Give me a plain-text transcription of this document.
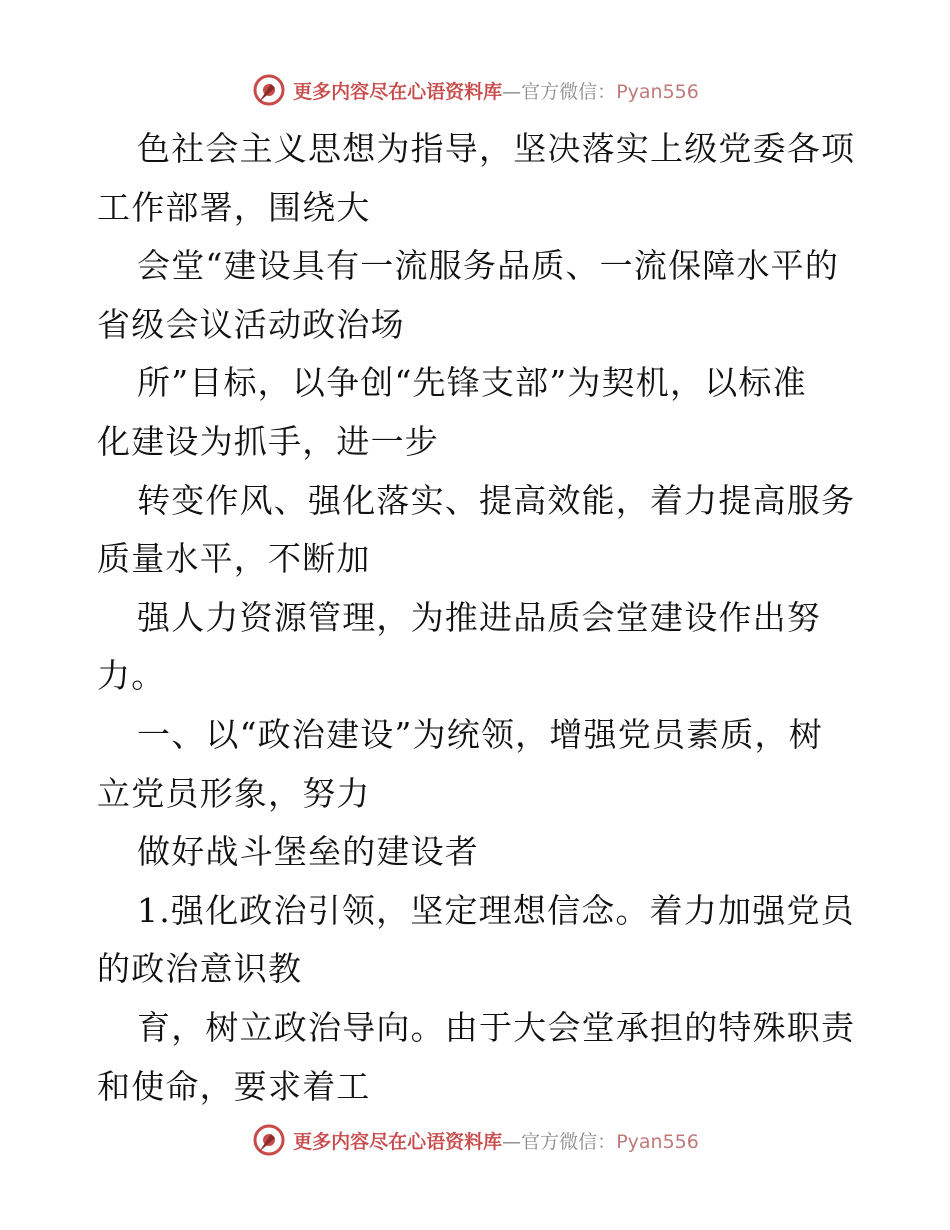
更多内容尽在心语资料库—官方微信：Pyan556
色社会主义思想为指导，坚决落实上级党委各项
工作部署，围绕大
会堂“建设具有一流服务品质、一流保障水平的
省级会议活动政治场
所”目标，以争创“先锋支部”为契机，以标准
化建设为抓手，进一步
转变作风、强化落实、提高效能，着力提高服务
质量水平，不断加
强人力资源管理，为推进品质会堂建设作出努
力。
一、以“政治建设”为统领，增强党员素质，树
立党员形象，努力
做好战斗堡垒的建设者
1.强化政治引领，坚定理想信念。着力加强党员
的政治意识教
育，树立政治导向。由于大会堂承担的特殊职责
和使命，要求着工
更多内容尽在心语资料库—官方微信：Pyan556
